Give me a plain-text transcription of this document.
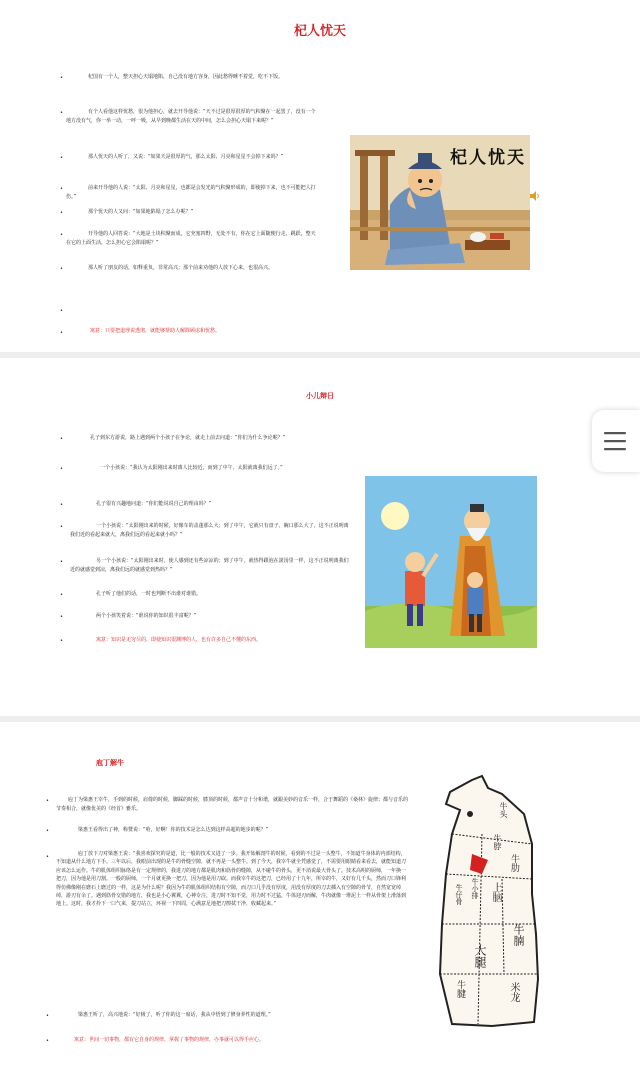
杞人忧天
•	杞国有一个人，整天担心天塌地陷，自己没有地方容身，因此愁得睡不着觉，吃不下饭。
•	有个人看他这样忧愁，很为他担心，就去开导他说：“天不过是很厚很厚的气积聚在一起罢了，没有一个地方没有气，你一举一动，一呼一吸，从早到晚都生活在天的中间，怎么会担心天塌下来呢？”
•	那人忧天的人听了，又说：“如果天是很厚的气，那么太阳、月亮和星星不会掉下来吗？”
•	前来开导他的人说：“太阳、月亮和星星，也都是会发光的气积聚形成的，即使掉下来，也不可能把人打伤。”
•	那个忧天的人又问：“如果地陷塌了怎么办呢？”
•	开导他的人回答说：“大地是土块积聚而成，它充塞四野，无处不有，你在它上面随便行走、跳跃，整天在它的上面生活，怎么担心它会陷塌呢？”
•	那人听了朋友的话，如释重负，非常高兴；那个前来劝他的人放下心来，也很高兴。
•
•	寓意：只要把道理说透彻，就能够帮助人解除顾虑和忧愁。
杞人忧天
小儿辩日
•	孔子到东方游说，路上遇到两个小孩子在争论，就走上前去问道：“你们为什么争论呢？”
•	一个小孩说：“我认为太阳刚出来时离人比较近，而到了中午，太阳就离我们远了。”
•	孔子很有兴趣地问道：“你们能说说自己的理由吗？”
•	一个小孩说：“太阳刚出来的时候，好像车的盖蓬那么大；到了中午，它就只有盘子、碗口那么大了，这不正说明离我们近的看起来就大，离我们远的看起来就小吗？”
•	另一个小孩说：“太阳刚出来时，使人感到还有些凉凉的；到了中午，就热得跟泡在滚汤里一样，这不正说明离我们近的就感觉到凉，离我们远的就感觉到热吗？”
•	孔子听了他们的话，一时也判断不出谁对谁错。
•	两个小孩笑着说：“谁说你的知识很丰富呢？”
•	寓意：知识是无穷尽的，即使知识很渊博的人，也有许多自己不懂的东西。
庖丁解牛
•	庖丁为梁惠王宰牛，手到的时候，肩倚的时候，脚踩的时候，膝顶的时候，都声音十分和谐，就跟美妙的音乐一样，合于舞蹈的《桑林》旋律；都与音乐的节奏相合，就像优美的《经首》雅乐。
•	梁惠王看得出了神，称赞说：“哈，好啊！你的技术是怎么达到这样高超的地步的呢？”
•	庖丁放下刀对梁惠王说：“我喜欢探究的是道，比一般的技术又进了一步。我开始解剖牛的时候，看到的不过是一头整牛，不知道牛身体的内部结构，不知道从什么地方下手。三年以后，我眼前出现的是牛的骨缝空隙，就不再是一头整牛。到了今天，我宰牛就全凭感觉了，不需要用眼睛看来看去，就能知道刀应该怎么运作。牛的肌体组织脉络是有一定规律的，我进刀的地方都是肌肉和筋骨的缝隙，从不碰牛的骨头，更不消说最大骨头了。技术高明的厨师，一年换一把刀，因为他是用刀割。一般的厨师，一个月就更换一把刀，因为他是用刀砍。而我宰牛的这把刀，已经用了十九年，所宰的牛，又好有几千头，然而刀口锋利得仿佛像刚在磨石上磨过的一样，这是为什么呢？我因为牛的肌体组织结构有空隙，而刀口几乎没有厚度，用没有厚度的刀去插入有空隙的骨节，自然宽宽绰绰，游刃有余了。遇到筋骨交错的地方，我也是小心翼翼，心神专注，进刀时不知不觉，用力时不过猛，牛体迎刃而解，牛肉就像一堆泥土一样从骨架上滑落到地上。这时，我才拎下一口气来，提刀站立，环视一下四周，心满意足地把刀擦拭干净，收藏起来。”
•	梁惠王听了，高兴地说：“好极了，听了你的这一席话，我从中悟到了修身养性的道理。”
•	寓意：世间一切事物，都有它自身的规律，掌握了事物的规律，办事就可以得手应心。
牛头
牛脖
牛小排
牛仔骨
牛肋
上脑
牛腩
大腿
牛腱	米龙
